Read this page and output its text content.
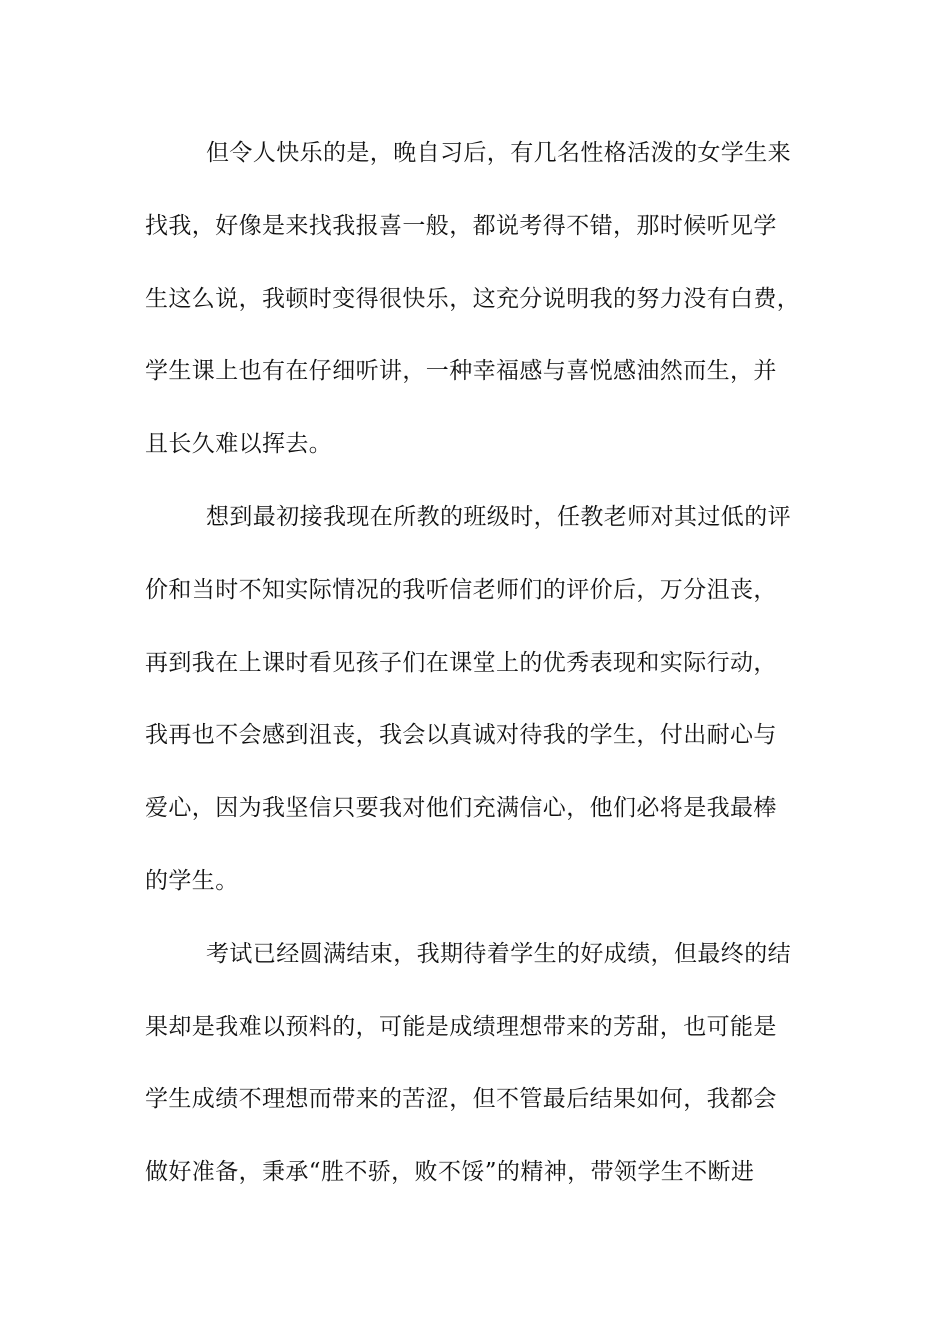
但令人快乐的是，晚自习后，有几名性格活泼的女学生来
找我，好像是来找我报喜一般，都说考得不错，那时候听见学
生这么说，我顿时变得很快乐，这充分说明我的努力没有白费，
学生课上也有在仔细听讲，一种幸福感与喜悦感油然而生，并
且长久难以挥去。
想到最初接我现在所教的班级时，任教老师对其过低的评
价和当时不知实际情况的我听信老师们的评价后，万分沮丧，
再到我在上课时看见孩子们在课堂上的优秀表现和实际行动，
我再也不会感到沮丧，我会以真诚对待我的学生，付出耐心与
爱心，因为我坚信只要我对他们充满信心，他们必将是我最棒
的学生。
考试已经圆满结束，我期待着学生的好成绩，但最终的结
果却是我难以预料的，可能是成绩理想带来的芳甜，也可能是
学生成绩不理想而带来的苦涩，但不管最后结果如何，我都会
做好准备，秉承“胜不骄，败不馁”的精神，带领学生不断进
